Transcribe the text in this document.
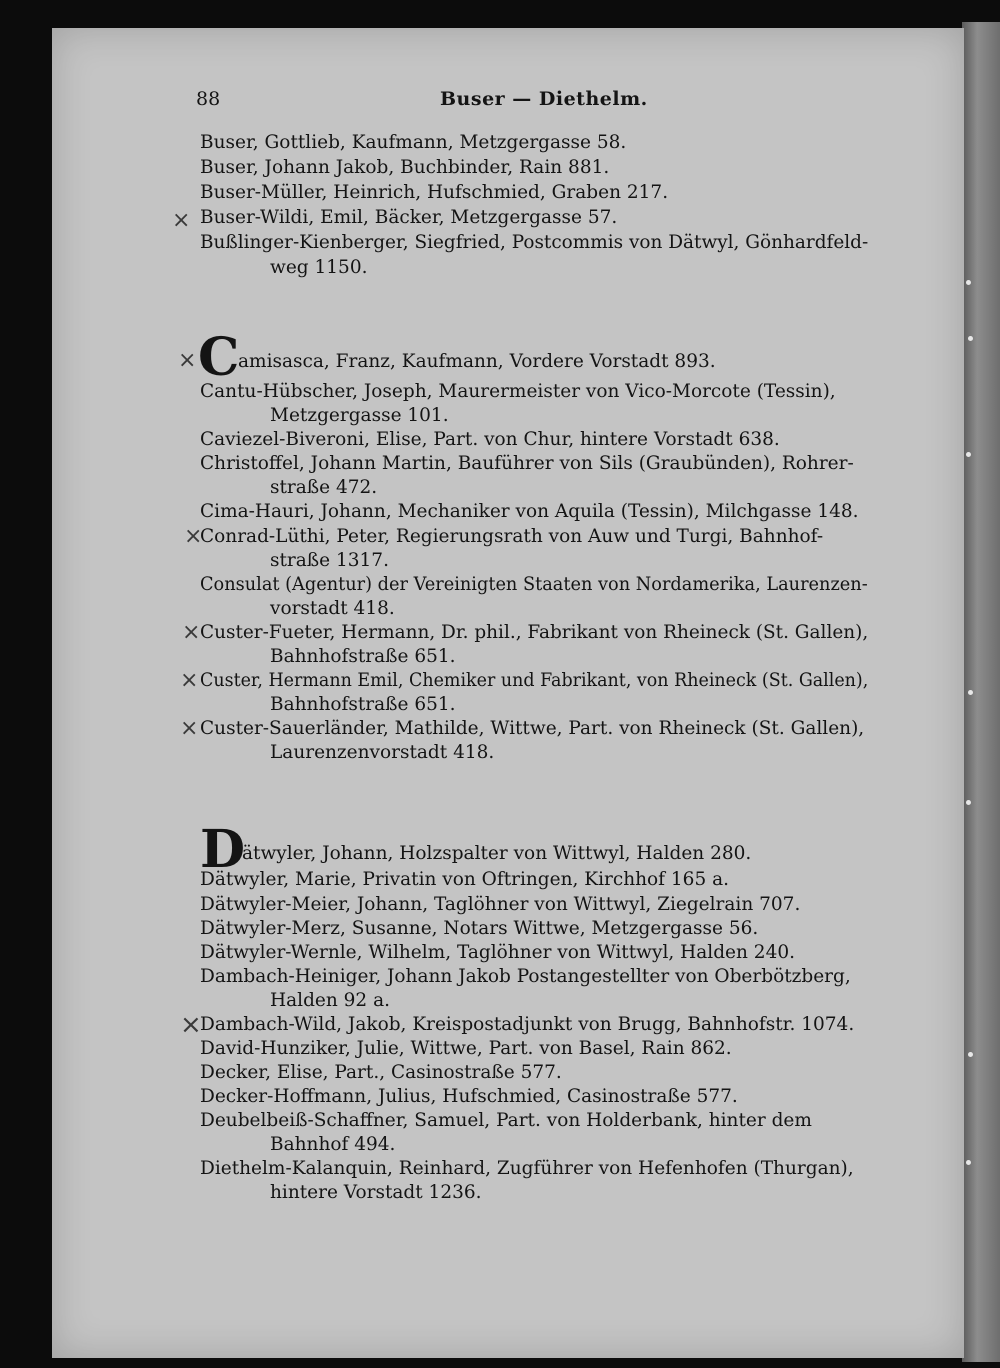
88	Buser — Diethelm.
Buser, Gottlieb, Kaufmann, Metzgergasse 58.
Buser, Johann Jakob, Buchbinder, Rain 881.
Buser-Müller, Heinrich, Hufschmied, Graben 217.
Buser-Wildi, Emil, Bäcker, Metzgergasse 57.
Bußlinger-Kienberger, Siegfried, Postcommis von Dätwyl, Gönhardfeld-
weg 1150.
C
amisasca, Franz, Kaufmann, Vordere Vorstadt 893.
Cantu-Hübscher, Joseph, Maurermeister von Vico-Morcote (Tessin),
Metzgergasse 101.
Caviezel-Biveroni, Elise, Part. von Chur, hintere Vorstadt 638.
Christoffel, Johann Martin, Bauführer von Sils (Graubünden), Rohrer-
straße 472.
Cima-Hauri, Johann, Mechaniker von Aquila (Tessin), Milchgasse 148.
Conrad-Lüthi, Peter, Regierungsrath von Auw und Turgi, Bahnhof-
straße 1317.
Consulat (Agentur) der Vereinigten Staaten von Nordamerika, Laurenzen-
vorstadt 418.
Custer-Fueter, Hermann, Dr. phil., Fabrikant von Rheineck (St. Gallen),
Bahnhofstraße 651.
Custer, Hermann Emil, Chemiker und Fabrikant, von Rheineck (St. Gallen),
Bahnhofstraße 651.
Custer-Sauerländer, Mathilde, Wittwe, Part. von Rheineck (St. Gallen),
Laurenzenvorstadt 418.
D
ätwyler, Johann, Holzspalter von Wittwyl, Halden 280.
Dätwyler, Marie, Privatin von Oftringen, Kirchhof 165 a.
Dätwyler-Meier, Johann, Taglöhner von Wittwyl, Ziegelrain 707.
Dätwyler-Merz, Susanne, Notars Wittwe, Metzgergasse 56.
Dätwyler-Wernle, Wilhelm, Taglöhner von Wittwyl, Halden 240.
Dambach-Heiniger, Johann Jakob Postangestellter von Oberbötzberg,
Halden 92 a.
Dambach-Wild, Jakob, Kreispostadjunkt von Brugg, Bahnhofstr. 1074.
David-Hunziker, Julie, Wittwe, Part. von Basel, Rain 862.
Decker, Elise, Part., Casinostraße 577.
Decker-Hoffmann, Julius, Hufschmied, Casinostraße 577.
Deubelbeiß-Schaffner, Samuel, Part. von Holderbank, hinter dem
Bahnhof 494.
Diethelm-Kalanquin, Reinhard, Zugführer von Hefenhofen (Thurgan),
hintere Vorstadt 1236.
×
×
×
×
×
×
×
